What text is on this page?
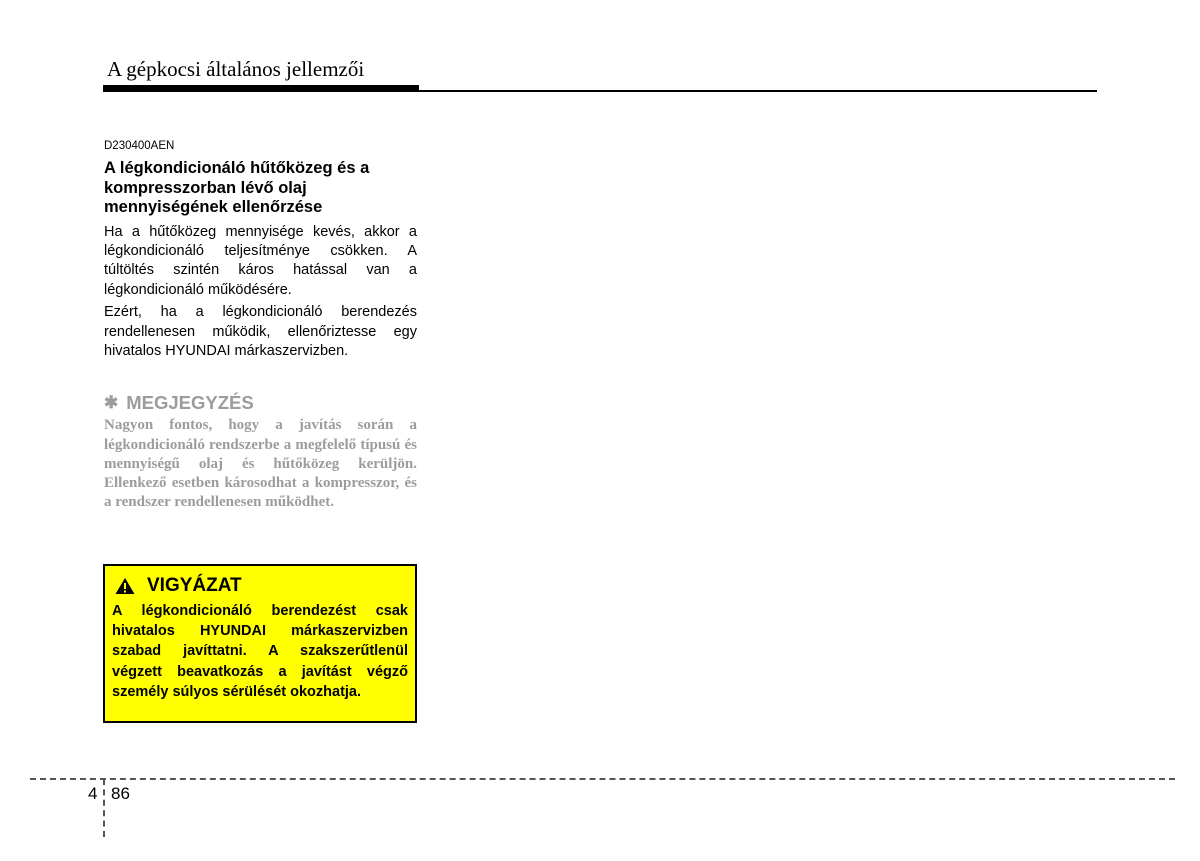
A gépkocsi általános jellemzői
D230400AEN
A légkondicionáló hűtőközeg és a
kompresszorban lévő olaj
mennyiségének ellenőrzése
Ha a hűtőközeg mennyisége kevés, akkor a légkondicionáló teljesítménye csökken. A túltöltés szintén káros hatással van a légkondicionáló működésére.
Ezért, ha a légkondicionáló berendezés rendellenesen működik, ellenőriztesse egy hivatalos HYUNDAI márkaszervizben.
✱ MEGJEGYZÉS
Nagyon fontos, hogy a javítás során a légkondicionáló rendszerbe a megfelelő típusú és mennyiségű olaj és hűtőközeg kerüljön. Ellenkező esetben károsodhat a kompresszor, és a rendszer rendellenesen működhet.
VIGYÁZAT
A légkondicionáló berendezést csak hivatalos HYUNDAI márkaszervizben szabad javíttatni. A szakszerűtlenül végzett beavatkozás a javítást végző személy súlyos sérülését okozhatja.
4 86
